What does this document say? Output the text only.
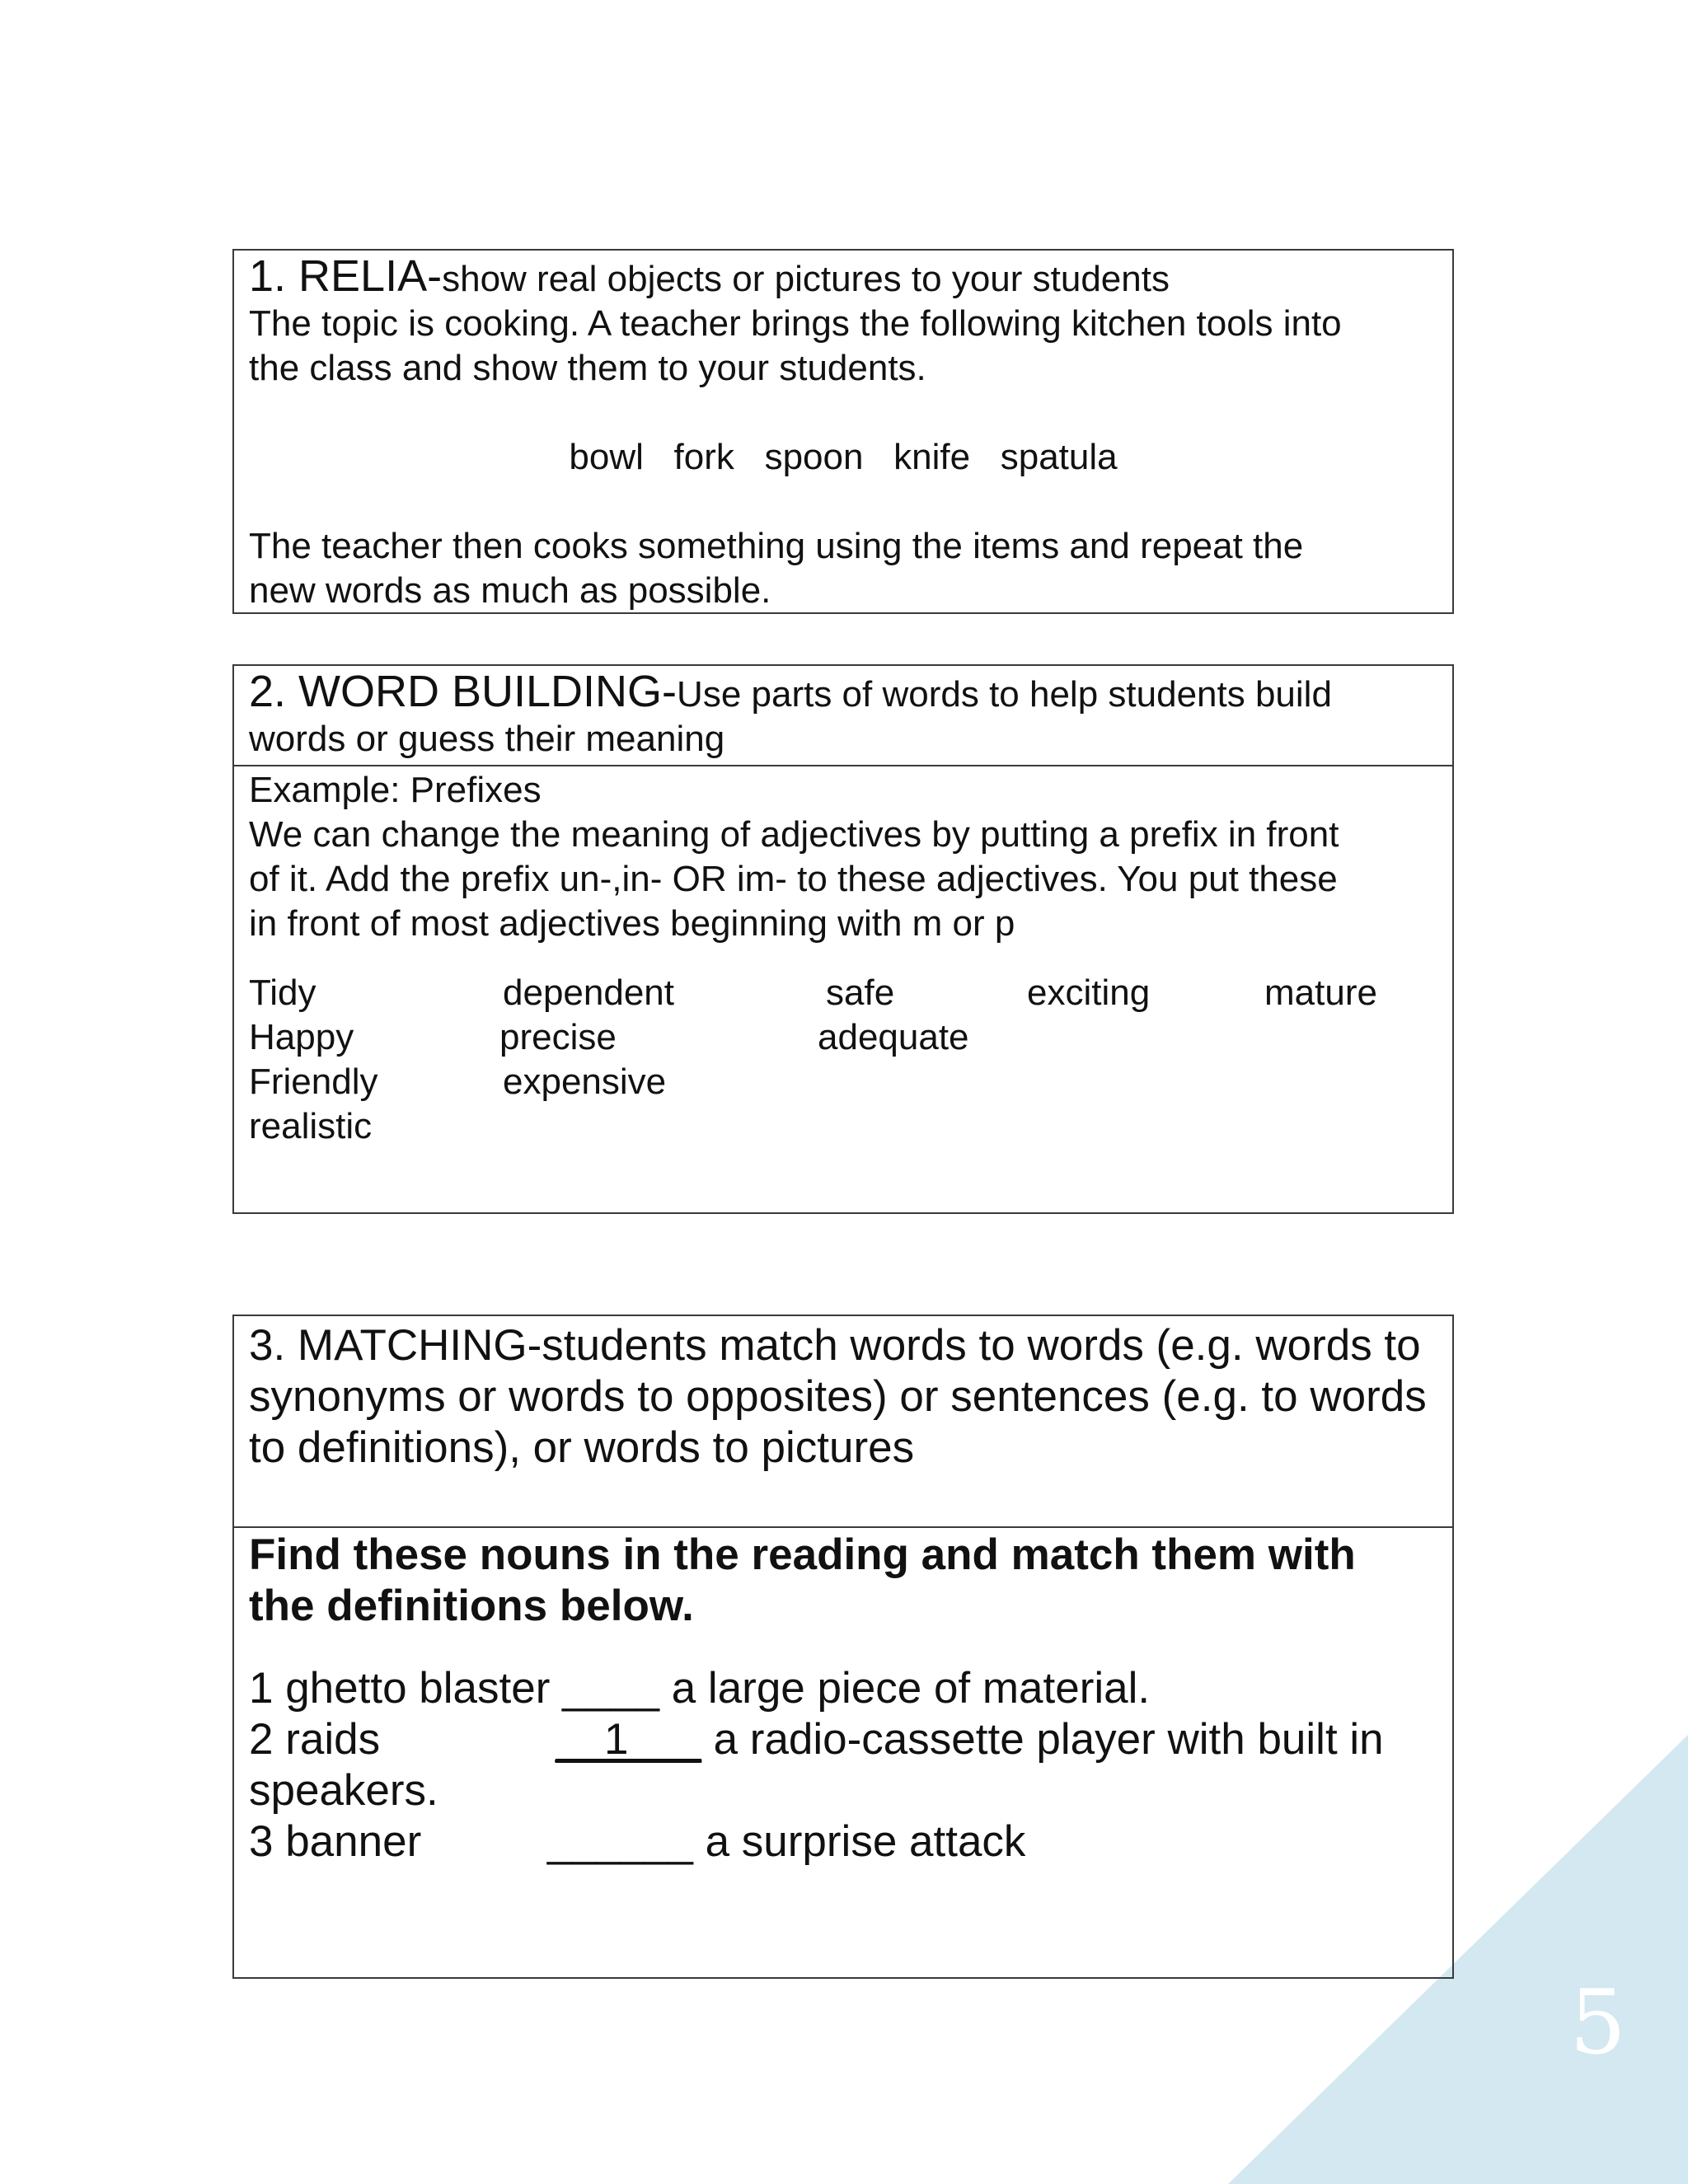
5
1. RELIA-show real objects or pictures to your students
The topic is cooking. A teacher brings the following kitchen tools into
the class and show them to your students.
bowl   fork   spoon   knife   spatula
The teacher then cooks something using the items and repeat the
new words as much as possible.
2. WORD BUILDING-Use parts of words to help students build
words or guess their meaning
Example: Prefixes
We can change the meaning of adjectives by putting a prefix in front
of it. Add the prefix un-,in- OR im- to these adjectives. You put these
in front of most adjectives beginning with m or p
Tidy	dependent	safe	exciting	mature
Happy	precise	adequate
Friendly	expensive
realistic
3. MATCHING-students match words to words (e.g. words to
synonyms or words to opposites) or sentences (e.g. to words
to definitions), or words to pictures
Find these nouns in the reading and match them with
the definitions below.
1 ghetto blaster ____ a large piece of material.
2 raids	__1___ a radio-cassette player with built in
speakers.
3 banner	______ a surprise attack
